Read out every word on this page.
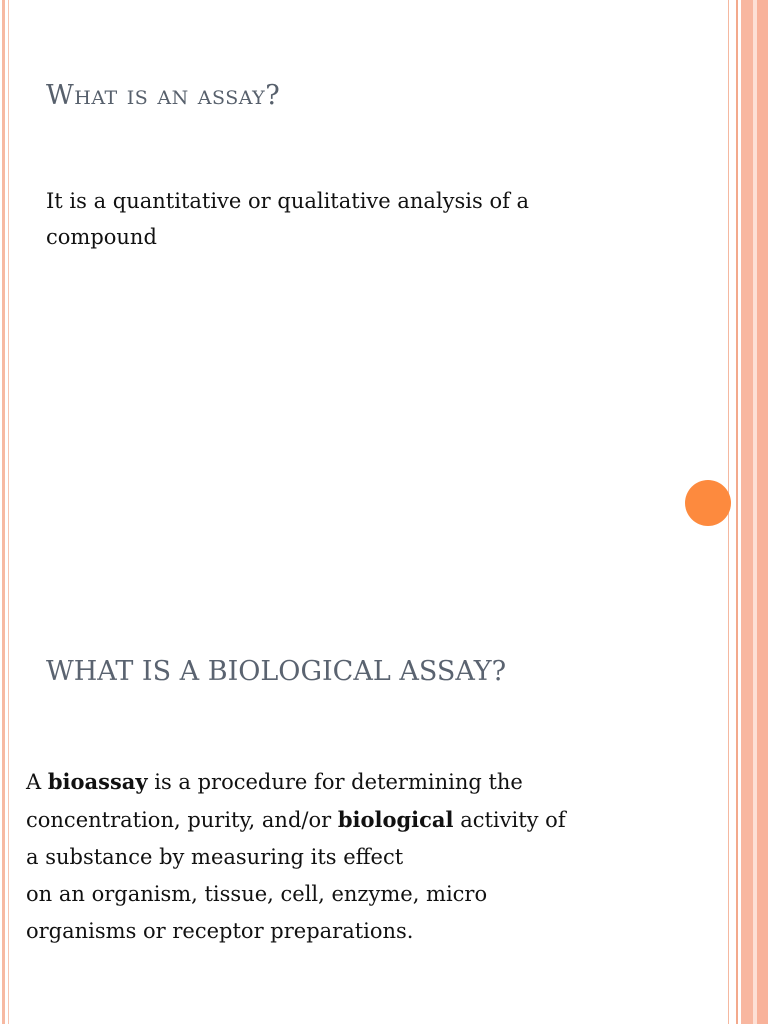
What is an assay?
It is a quantitative or qualitative analysis of a compound
WHAT IS A BIOLOGICAL ASSAY?
A bioassay is a procedure for determining the
concentration, purity, and/or biological activity of
a substance by measuring its effect
on an organism, tissue, cell, enzyme, micro
organisms or receptor preparations.
